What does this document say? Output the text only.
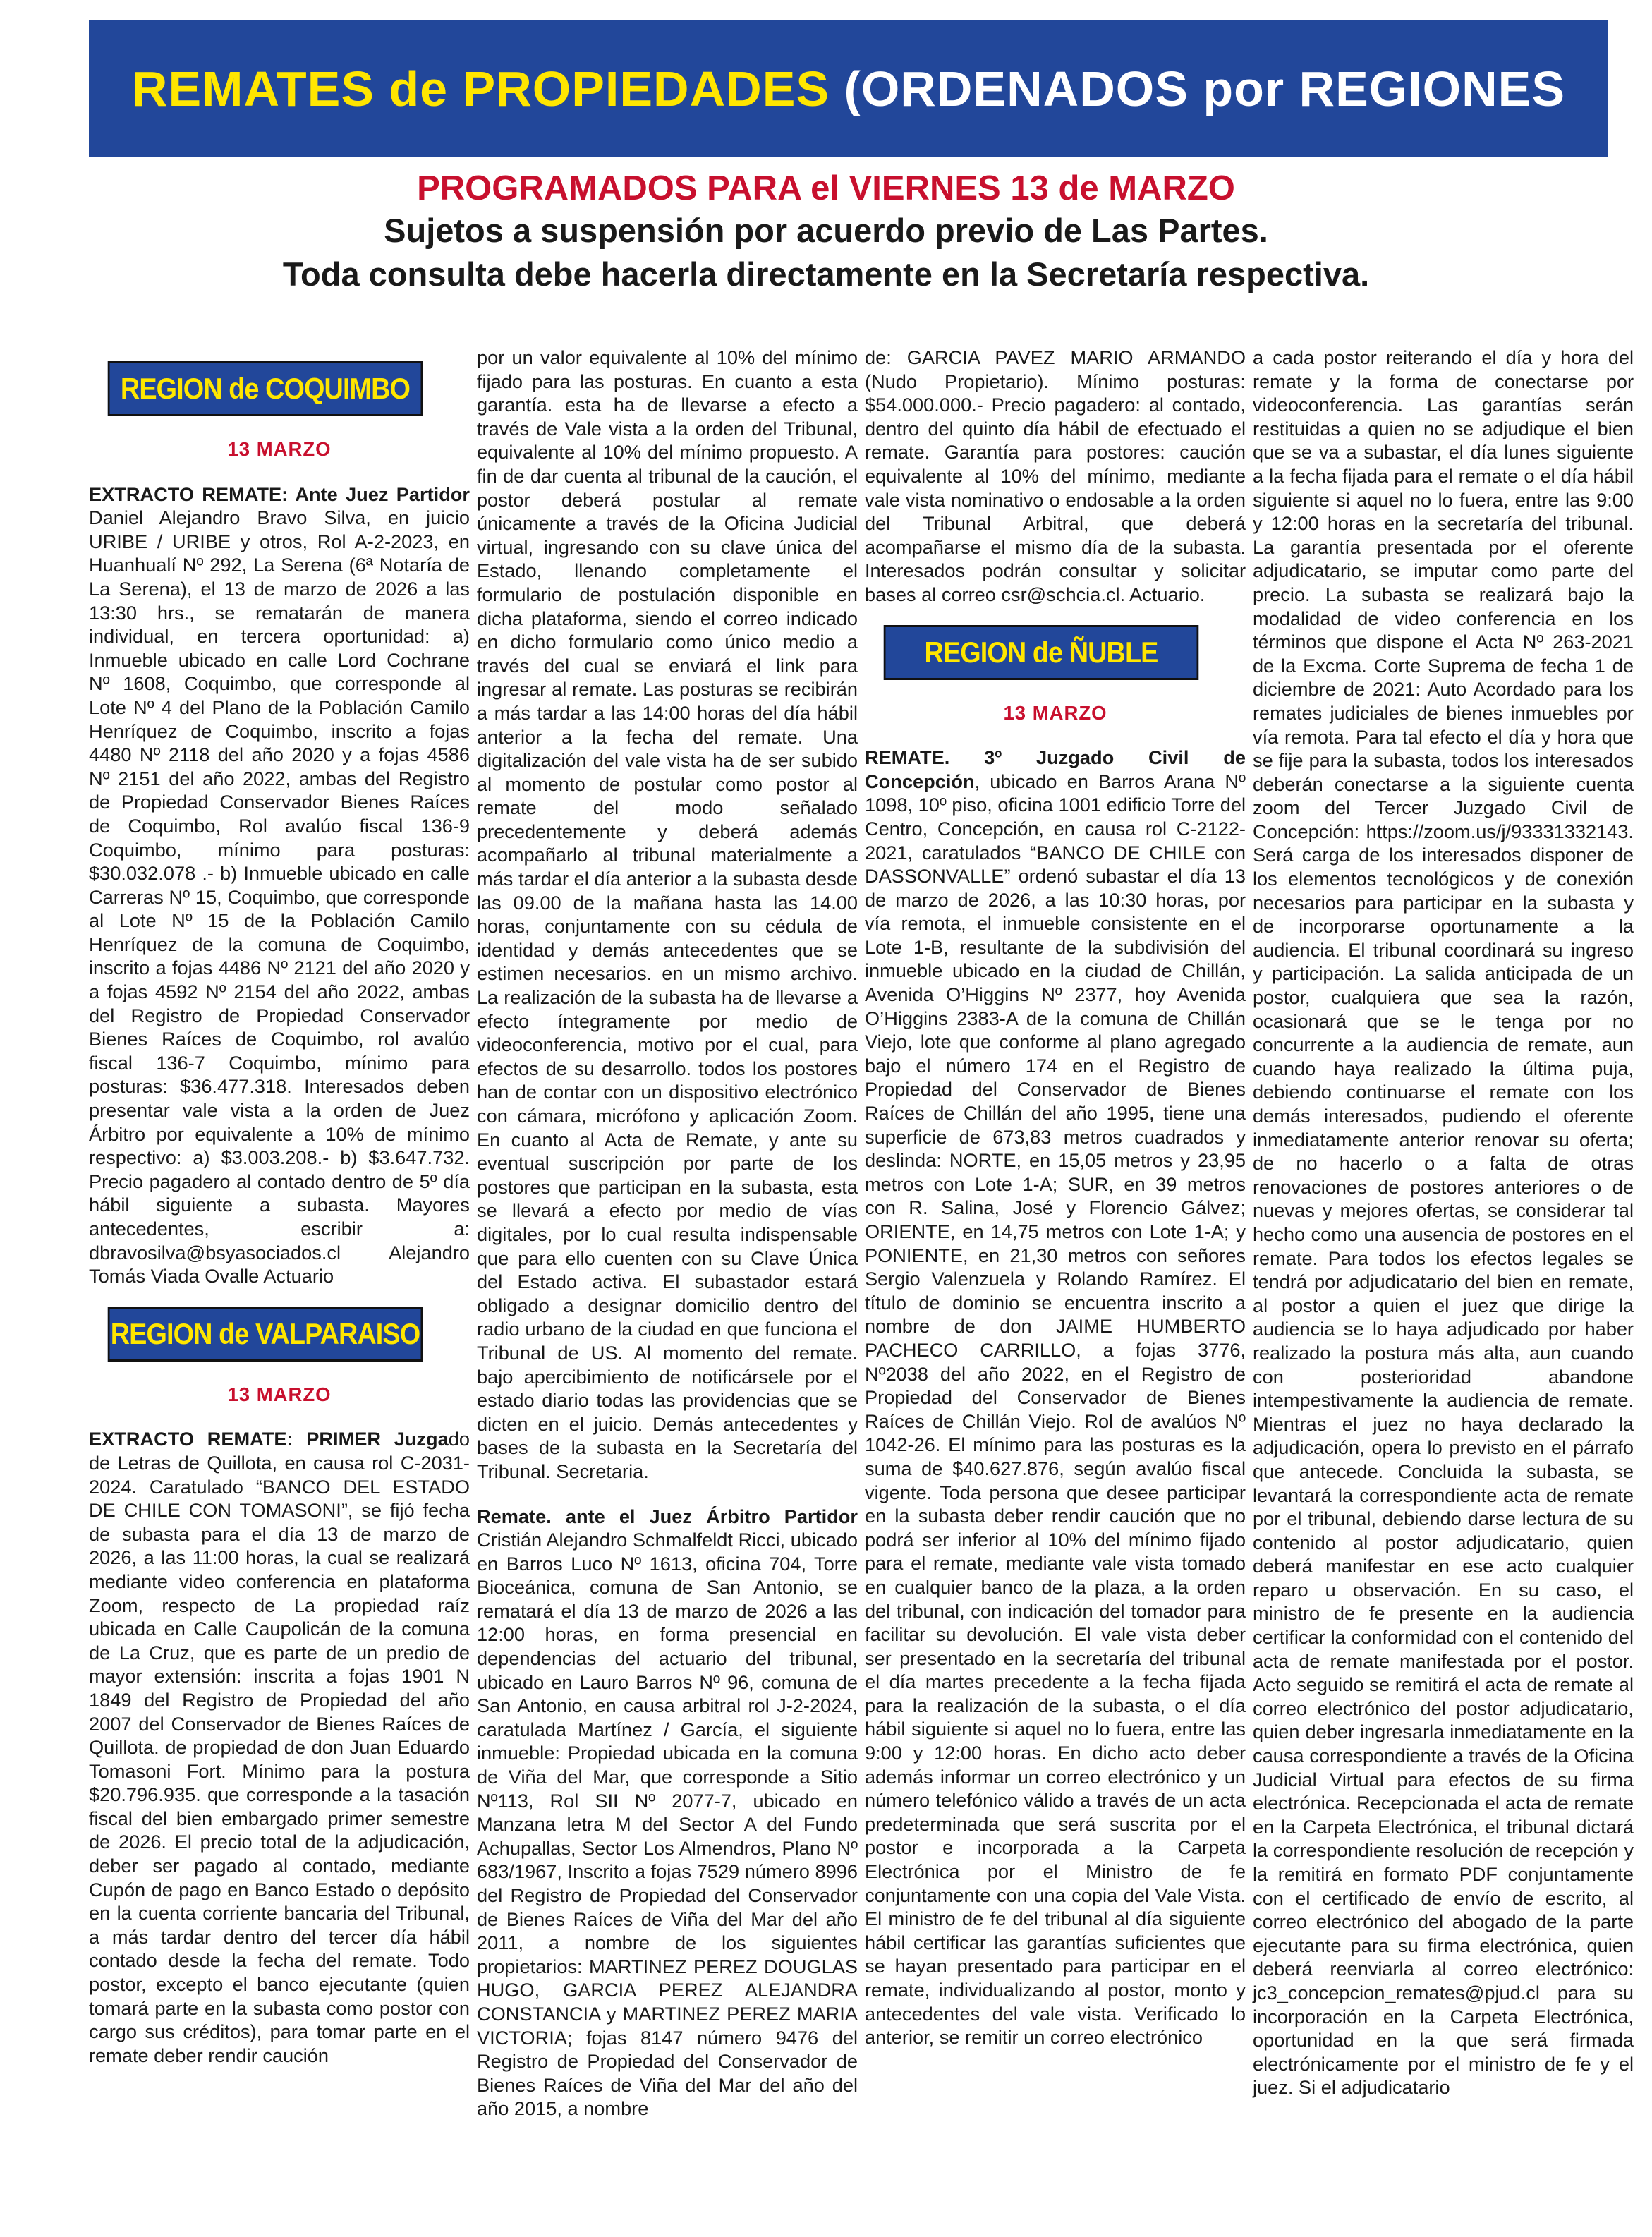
REMATES de PROPIEDADES (ORDENADOS por REGIONES
PROGRAMADOS PARA el VIERNES 13 de MARZO
Sujetos a suspensión por acuerdo previo de Las Partes.
Toda consulta debe hacerla directamente en la Secretaría respectiva.
REGION de COQUIMBO
13 MARZO

EXTRACTO REMATE: Ante Juez Partidor Daniel Alejandro Bravo Silva, en juicio URIBE / URIBE y otros, Rol A-2-2023, en Huanhualí Nº 292, La Serena (6ª Notaría de La Serena), el 13 de marzo de 2026 a las 13:30 hrs., se rematarán de manera individual, en tercera oportunidad: a) Inmueble ubicado en calle Lord Cochrane Nº 1608, Coquimbo, que corresponde al Lote Nº 4 del Plano de la Población Camilo Henríquez de Coquimbo, inscrito a fojas 4480 Nº 2118 del año 2020 y a fojas 4586 Nº 2151 del año 2022, ambas del Registro de Propiedad Conservador Bienes Raíces de Coquimbo, Rol avalúo fiscal 136-9 Coquimbo, mínimo para posturas: $30.032.078 .- b) Inmueble ubicado en calle Carreras Nº 15, Coquimbo, que corresponde al Lote Nº 15 de la Población Camilo Henríquez de la comuna de Coquimbo, inscrito a fojas 4486 Nº 2121 del año 2020 y a fojas 4592 Nº 2154 del año 2022, ambas del Registro de Propiedad Conservador Bienes Raíces de Coquimbo, rol avalúo fiscal 136-7 Coquimbo, mínimo para posturas: $36.477.318. Interesados deben presentar vale vista a la orden de Juez Árbitro por equivalente a 10% de mínimo respectivo: a) $3.003.208.- b) $3.647.732. Precio pagadero al contado dentro de 5º día hábil siguiente a subasta. Mayores antecedentes, escribir a: dbravosilva@bsyasociados.cl Alejandro Tomás Viada Ovalle Actuario

REGION de VALPARAISO
13 MARZO

EXTRACTO REMATE: PRIMER Juzgado de Letras de Quillota, en causa rol C-2031-2024. Caratulado “BANCO DEL ESTADO DE CHILE CON TOMASONI”, se fijó fecha de subasta para el día 13 de marzo de 2026, a las 11:00 horas, la cual se realizará mediante video conferencia en plataforma Zoom, respecto de La propiedad raíz ubicada en Calle Caupolicán de la comuna de La Cruz, que es parte de un predio de mayor extensión: inscrita a fojas 1901 N 1849 del Registro de Propiedad del año 2007 del Conservador de Bienes Raíces de Quillota. de propiedad de don Juan Eduardo Tomasoni Fort. Mínimo para la postura $20.796.935. que corresponde a la tasación fiscal del bien embargado primer semestre de 2026. El precio total de la adjudicación, deber ser pagado al contado, mediante Cupón de pago en Banco Estado o depósito en la cuenta corriente bancaria del Tribunal, a más tardar dentro del tercer día hábil contado desde la fecha del remate. Todo postor, excepto el banco ejecutante (quien tomará parte en la subasta como postor con cargo sus créditos), para tomar parte en el remate deber rendir caución

por un valor equivalente al 10% del mínimo fijado para las posturas. En cuanto a esta garantía. esta ha de llevarse a efecto a través de Vale vista a la orden del Tribunal, equivalente al 10% del mínimo propuesto. A fin de dar cuenta al tribunal de la caución, el postor deberá postular al remate únicamente a través de la Oficina Judicial virtual, ingresando con su clave única del Estado, llenando completamente el formulario de postulación disponible en dicha plataforma, siendo el correo indicado en dicho formulario como único medio a través del cual se enviará el link para ingresar al remate. Las posturas se recibirán a más tardar a las 14:00 horas del día hábil anterior a la fecha del remate. Una digitalización del vale vista ha de ser subido al momento de postular como postor al remate del modo señalado precedentemente y deberá además acompañarlo al tribunal materialmente a más tardar el día anterior a la subasta desde las 09.00 de la mañana hasta las 14.00 horas, conjuntamente con su cédula de identidad y demás antecedentes que se estimen necesarios. en un mismo archivo. La realización de la subasta ha de llevarse a efecto íntegramente por medio de videoconferencia, motivo por el cual, para efectos de su desarrollo. todos los postores han de contar con un dispositivo electrónico con cámara, micrófono y aplicación Zoom. En cuanto al Acta de Remate, y ante su eventual suscripción por parte de los postores que participan en la subasta, esta se llevará a efecto por medio de vías digitales, por lo cual resulta indispensable que para ello cuenten con su Clave Única del Estado activa. El subastador estará obligado a designar domicilio dentro del radio urbano de la ciudad en que funciona el Tribunal de US. Al momento del remate. bajo apercibimiento de notificársele por el estado diario todas las providencias que se dicten en el juicio. Demás antecedentes y bases de la subasta en la Secretaría del Tribunal. Secretaria.

Remate. ante el Juez Árbitro Partidor Cristián Alejandro Schmalfeldt Ricci, ubicado en Barros Luco Nº 1613, oficina 704, Torre Bioceánica, comuna de San Antonio, se rematará el día 13 de marzo de 2026 a las 12:00 horas, en forma presencial en dependencias del actuario del tribunal, ubicado en Lauro Barros Nº 96, comuna de San Antonio, en causa arbitral rol J-2-2024, caratulada Martínez / García, el siguiente inmueble: Propiedad ubicada en la comuna de Viña del Mar, que corresponde a Sitio Nº113, Rol SII Nº 2077-7, ubicado en Manzana letra M del Sector A del Fundo Achupallas, Sector Los Almendros, Plano Nº 683/1967, Inscrito a fojas 7529 número 8996 del Registro de Propiedad del Conservador de Bienes Raíces de Viña del Mar del año 2011, a nombre de los siguientes propietarios: MARTINEZ PEREZ DOUGLAS HUGO, GARCIA PEREZ ALEJANDRA CONSTANCIA y MARTINEZ PEREZ MARIA VICTORIA; fojas 8147 número 9476 del Registro de Propiedad del Conservador de Bienes Raíces de Viña del Mar del año del año 2015, a nombre

de: GARCIA PAVEZ MARIO ARMANDO (Nudo Propietario). Mínimo posturas: $54.000.000.- Precio pagadero: al contado, dentro del quinto día hábil de efectuado el remate. Garantía para postores: caución equivalente al 10% del mínimo, mediante vale vista nominativo o endosable a la orden del Tribunal Arbitral, que deberá acompañarse el mismo día de la subasta. Interesados podrán consultar y solicitar bases al correo csr@schcia.cl. Actuario.

REGION de ÑUBLE
13 MARZO

REMATE. 3º Juzgado Civil de Concepción, ubicado en Barros Arana Nº 1098, 10º piso, oficina 1001 edificio Torre del Centro, Concepción, en causa rol C-2122-2021, caratulados “BANCO DE CHILE con DASSONVALLE” ordenó subastar el día 13 de marzo de 2026, a las 10:30 horas, por vía remota, el inmueble consistente en el Lote 1-B, resultante de la subdivisión del inmueble ubicado en la ciudad de Chillán, Avenida O’Higgins Nº 2377, hoy Avenida O’Higgins 2383-A de la comuna de Chillán Viejo, lote que conforme al plano agregado bajo el número 174 en el Registro de Propiedad del Conservador de Bienes Raíces de Chillán del año 1995, tiene una superficie de 673,83 metros cuadrados y deslinda: NORTE, en 15,05 metros y 23,95 metros con Lote 1-A; SUR, en 39 metros con R. Salina, José y Florencio Gálvez; ORIENTE, en 14,75 metros con Lote 1-A; y PONIENTE, en 21,30 metros con señores Sergio Valenzuela y Rolando Ramírez. El título de dominio se encuentra inscrito a nombre de don JAIME HUMBERTO PACHECO CARRILLO, a fojas 3776, Nº2038 del año 2022, en el Registro de Propiedad del Conservador de Bienes Raíces de Chillán Viejo. Rol de avalúos Nº 1042-26. El mínimo para las posturas es la suma de $40.627.876, según avalúo fiscal vigente. Toda persona que desee participar en la subasta deber rendir caución que no podrá ser inferior al 10% del mínimo fijado para el remate, mediante vale vista tomado en cualquier banco de la plaza, a la orden del tribunal, con indicación del tomador para facilitar su devolución. El vale vista deber ser presentado en la secretaría del tribunal el día martes precedente a la fecha fijada para la realización de la subasta, o el día hábil siguiente si aquel no lo fuera, entre las 9:00 y 12:00 horas. En dicho acto deber además informar un correo electrónico y un número telefónico válido a través de un acta predeterminada que será suscrita por el postor e incorporada a la Carpeta Electrónica por el Ministro de fe conjuntamente con una copia del Vale Vista. El ministro de fe del tribunal al día siguiente hábil certificar las garantías suficientes que se hayan presentado para participar en el remate, individualizando al postor, monto y antecedentes del vale vista. Verificado lo anterior, se remitir un correo electrónico

a cada postor reiterando el día y hora del remate y la forma de conectarse por videoconferencia. Las garantías serán restituidas a quien no se adjudique el bien que se va a subastar, el día lunes siguiente a la fecha fijada para el remate o el día hábil siguiente si aquel no lo fuera, entre las 9:00 y 12:00 horas en la secretaría del tribunal. La garantía presentada por el oferente adjudicatario, se imputar como parte del precio. La subasta se realizará bajo la modalidad de video conferencia en los términos que dispone el Acta Nº 263-2021 de la Excma. Corte Suprema de fecha 1 de diciembre de 2021: Auto Acordado para los remates judiciales de bienes inmuebles por vía remota. Para tal efecto el día y hora que se fije para la subasta, todos los interesados deberán conectarse a la siguiente cuenta zoom del Tercer Juzgado Civil de Concepción: https://zoom.us/j/93331332143. Será carga de los interesados disponer de los elementos tecnológicos y de conexión necesarios para participar en la subasta y de incorporarse oportunamente a la audiencia. El tribunal coordinará su ingreso y participación. La salida anticipada de un postor, cualquiera que sea la razón, ocasionará que se le tenga por no concurrente a la audiencia de remate, aun cuando haya realizado la última puja, debiendo continuarse el remate con los demás interesados, pudiendo el oferente inmediatamente anterior renovar su oferta; de no hacerlo o a falta de otras renovaciones de postores anteriores o de nuevas y mejores ofertas, se considerar tal hecho como una ausencia de postores en el remate. Para todos los efectos legales se tendrá por adjudicatario del bien en remate, al postor a quien el juez que dirige la audiencia se lo haya adjudicado por haber realizado la postura más alta, aun cuando con posterioridad abandone intempestivamente la audiencia de remate. Mientras el juez no haya declarado la adjudicación, opera lo previsto en el párrafo que antecede. Concluida la subasta, se levantará la correspondiente acta de remate por el tribunal, debiendo darse lectura de su contenido al postor adjudicatario, quien deberá manifestar en ese acto cualquier reparo u observación. En su caso, el ministro de fe presente en la audiencia certificar la conformidad con el contenido del acta de remate manifestada por el postor. Acto seguido se remitirá el acta de remate al correo electrónico del postor adjudicatario, quien deber ingresarla inmediatamente en la causa correspondiente a través de la Oficina Judicial Virtual para efectos de su firma electrónica. Recepcionada el acta de remate en la Carpeta Electrónica, el tribunal dictará la correspondiente resolución de recepción y la remitirá en formato PDF conjuntamente con el certificado de envío de escrito, al correo electrónico del abogado de la parte ejecutante para su firma electrónica, quien deberá reenviarla al correo electrónico: jc3_concepcion_remates@pjud.cl para su incorporación en la Carpeta Electrónica, oportunidad en la que será firmada electrónicamente por el ministro de fe y el juez. Si el adjudicatario
